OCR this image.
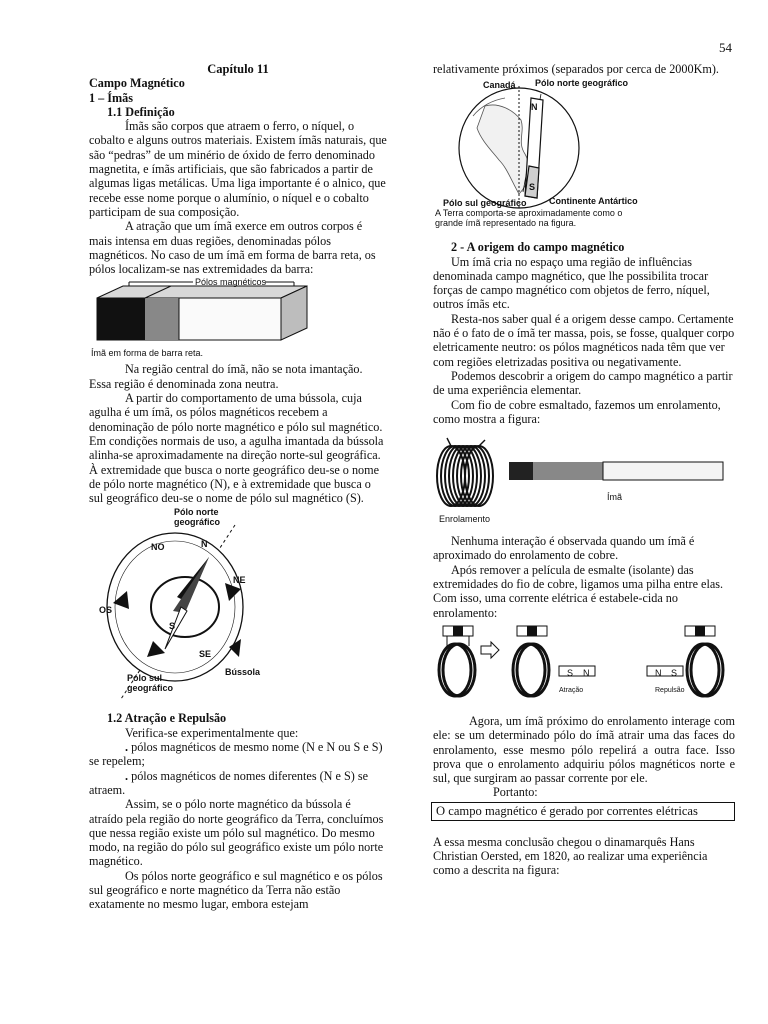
54

Capítulo 11

Campo Magnético

1 – Ímãs

1.1 Definição

Ímãs são corpos que atraem o ferro, o níquel, o cobalto e alguns outros materiais. Existem ímãs naturais, que são “pedras” de um minério de óxido de ferro denominado magnetita, e ímãs artificiais, que são fabricados a partir de algumas ligas metálicas. Uma liga importante é o alnico, que recebe esse nome porque o alumínio, o níquel e o cobalto participam de sua composição.

A atração que um ímã exerce em outros corpos é mais intensa em duas regiões, denominadas pólos magnéticos. No caso de um ímã em forma de barra reta, os pólos localizam-se nas extremidades da barra:

Pólos magnéticos
Ímã em forma de barra reta.

Na região central do ímã, não se nota imantação. Essa região é denominada zona neutra.

A partir do comportamento de uma bússola, cuja agulha é um ímã, os pólos magnéticos recebem a denominação de pólo norte magnético e pólo sul magnético. Em condições normais de uso, a agulha imantada da bússola alinha-se aproximadamente na direção norte-sul geográfica. À extremidade que busca o norte geográfico deu-se o nome de pólo norte magnético (N), e à extremidade que busca o sul geográfico deu-se o nome de pólo sul magnético (S).

Pólo norte
geográfico
N
NO
NE
OS
S
SE
Bússola
Pólo sul
geográfico

1.2 Atração e Repulsão

Verifica-se experimentalmente que:

. pólos magnéticos de mesmo nome (N e N ou S e S) se repelem;

. pólos magnéticos de nomes diferentes (N e S) se atraem.

Assim, se o pólo norte magnético da bússola é atraído pela região do norte geográfico da Terra, concluímos que nessa região existe um pólo sul magnético. Do mesmo modo, na região do pólo sul geográfico existe um pólo norte magnético.

Os pólos norte geográfico e sul magnético e os pólos sul geográfico e norte magnético da Terra não estão exatamente no mesmo lugar, embora estejam

relativamente próximos (separados por cerca de 2000Km).

Canadá Pólo norte geográfico
N
S
Pólo sul geográfico Continente Antártico
A Terra comporta-se aproximadamente como o grande ímã representado na figura.

2 - A origem do campo magnético

Um ímã cria no espaço uma região de influências denominada campo magnético, que lhe possibilita trocar forças de campo magnético com objetos de ferro, níquel, outros ímãs etc.

Resta-nos saber qual é a origem desse campo. Certamente não é o fato de o ímã ter massa, pois, se fosse, qualquer corpo eletricamente neutro: os pólos magnéticos nada têm que ver com regiões eletrizadas positiva ou negativamente.

Podemos descobrir a origem do campo magnético a partir de uma experiência elementar.

Com fio de cobre esmaltado, fazemos um enrolamento, como mostra a figura:

Enrolamento
Ímã

Nenhuma interação é observada quando um ímã é aproximado do enrolamento de cobre.

Após remover a película de esmalte (isolante) das extremidades do fio de cobre, ligamos uma pilha entre elas. Com isso, uma corrente elétrica é estabele-cida no enrolamento:

S N	N S
Atração	Repulsão

Agora, um ímã próximo do enrolamento interage com ele: se um determinado pólo do ímã atrair uma das faces do enrolamento, esse mesmo pólo repelirá a outra face. Isso prova que o enrolamento adquiriu pólos magnéticos norte e sul, que surgiram ao passar corrente por ele.

Portanto:

O campo magnético é gerado por correntes elétricas

A essa mesma conclusão chegou o dinamarquês Hans Christian Oersted, em 1820, ao realizar uma experiência como a descrita na figura:
